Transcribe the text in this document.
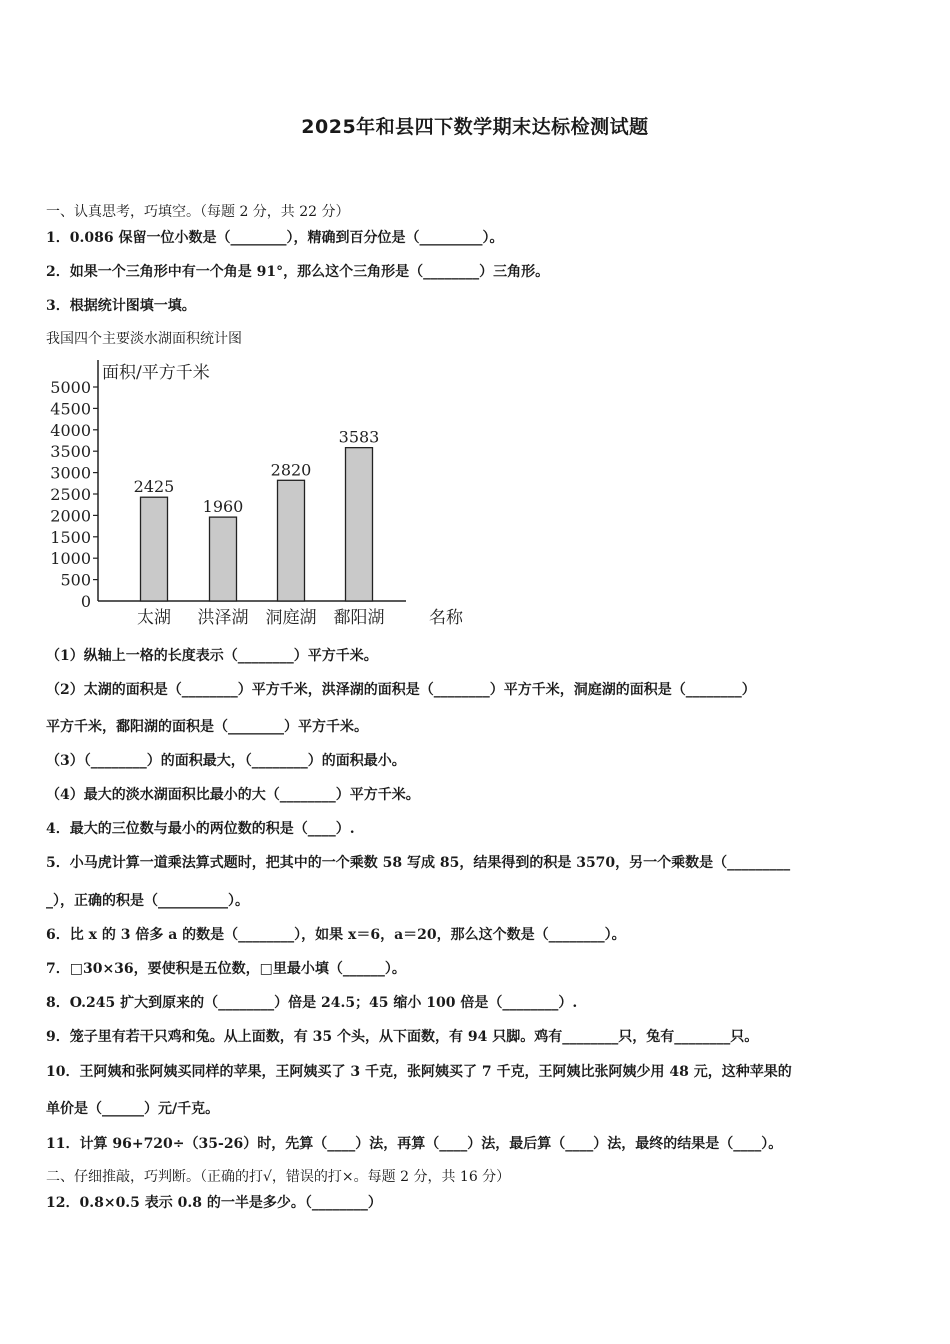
2025年和县四下数学期末达标检测试题
一、认真思考，巧填空。（每题 2 分，共 22 分）
1．0.086 保留一位小数是（________），精确到百分位是（_________）。
2．如果一个三角形中有一个角是 91°，那么这个三角形是（________）三角形。
3．根据统计图填一填。
我国四个主要淡水湖面积统计图
面积/平方千米
0
500
1000
1500
2000
2500
3000
3500
4000
4500
5000
2425
太湖
1960
洪泽湖
2820
洞庭湖
3583
鄱阳湖	名称
（1）纵轴上一格的长度表示（________）平方千米。
（2）太湖的面积是（________）平方千米，洪泽湖的面积是（________）平方千米，洞庭湖的面积是（________）
平方千米，鄱阳湖的面积是（________）平方千米。
（3）（________）的面积最大，（________）的面积最小。
（4）最大的淡水湖面积比最小的大（________）平方千米。
4．最大的三位数与最小的两位数的积是（____）.
5．小马虎计算一道乘法算式题时，把其中的一个乘数 58 写成 85，结果得到的积是 3570，另一个乘数是（_________
_），正确的积是（__________）。
6．比 x 的 3 倍多 a 的数是（________），如果 x＝6，a＝20，那么这个数是（________）。
7．□30×36，要使积是五位数，□里最小填（______）。
8．O.245 扩大到原来的（________）倍是 24.5；45 缩小 100 倍是（________）.
9．笼子里有若干只鸡和兔。从上面数，有 35 个头，从下面数，有 94 只脚。鸡有________只，兔有________只。
10．王阿姨和张阿姨买同样的苹果，王阿姨买了 3 千克，张阿姨买了 7 千克，王阿姨比张阿姨少用 48 元，这种苹果的
单价是（______）元/千克。
11．计算 96+720÷（35-26）时，先算（____）法，再算（____）法，最后算（____）法，最终的结果是（____）。
二、仔细推敲，巧判断。（正确的打√，错误的打×。每题 2 分，共 16 分）
12．0.8×0.5 表示 0.8 的一半是多少。（________）
